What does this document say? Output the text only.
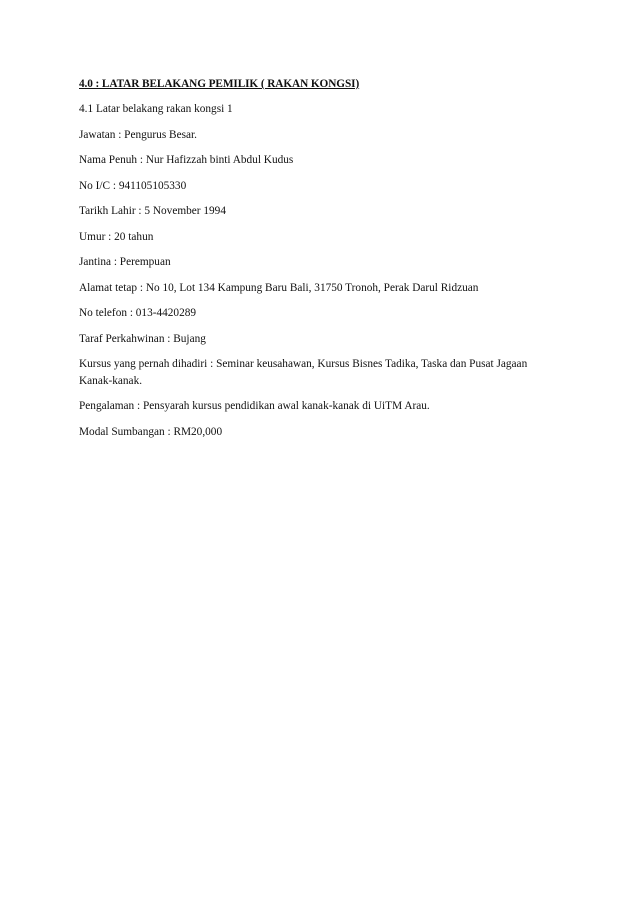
4.0 : LATAR BELAKANG PEMILIK ( RAKAN KONGSI)
4.1 Latar belakang rakan kongsi 1
Jawatan : Pengurus Besar.
Nama Penuh : Nur Hafizzah binti Abdul Kudus
No I/C : 941105105330
Tarikh Lahir : 5 November 1994
Umur : 20 tahun
Jantina : Perempuan
Alamat tetap : No 10, Lot 134 Kampung Baru Bali, 31750 Tronoh, Perak Darul Ridzuan
No telefon : 013-4420289
Taraf Perkahwinan : Bujang
Kursus yang pernah dihadiri : Seminar keusahawan, Kursus Bisnes Tadika, Taska dan Pusat Jagaan Kanak-kanak.
Pengalaman : Pensyarah kursus pendidikan awal kanak-kanak di UiTM Arau.
Modal Sumbangan : RM20,000
